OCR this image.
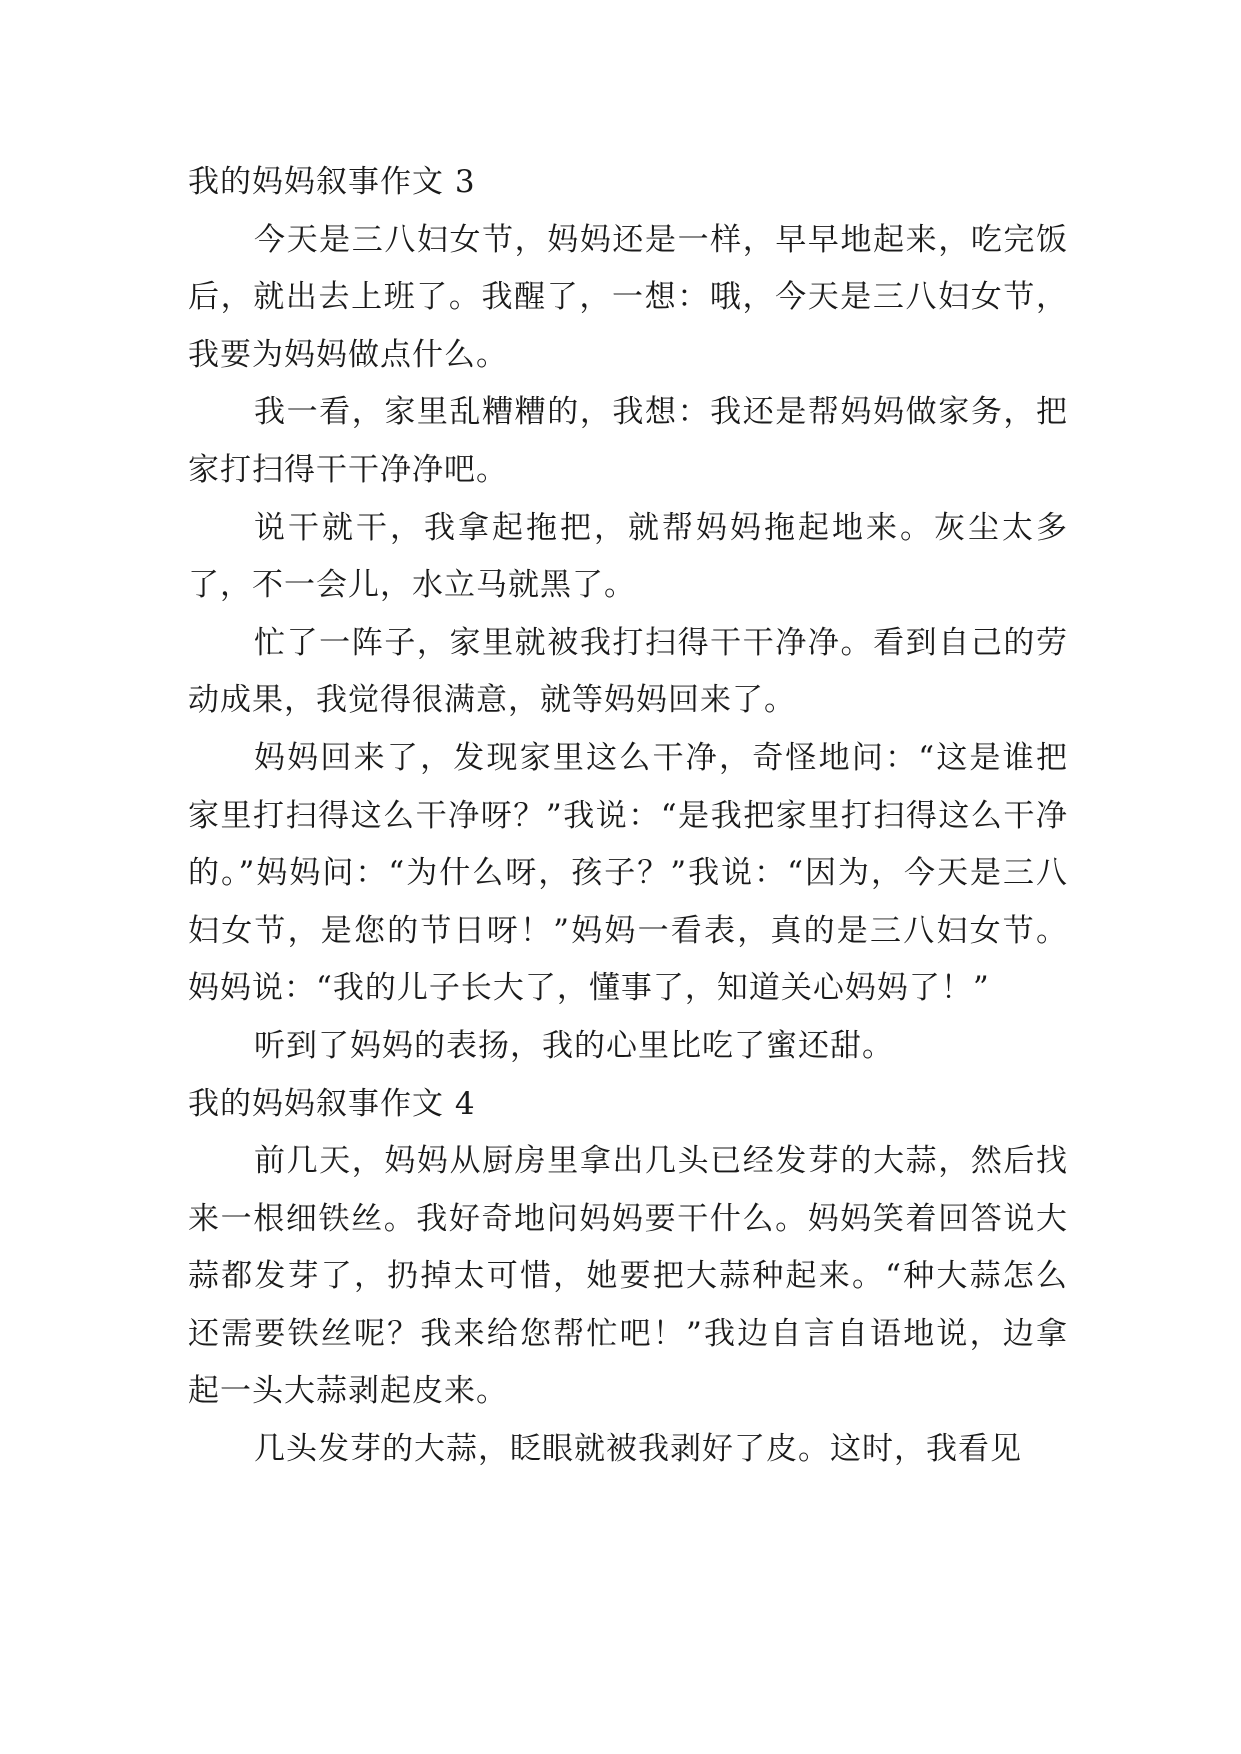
我的妈妈叙事作文 3

今天是三八妇女节，妈妈还是一样，早早地起来，吃完饭后，就出去上班了。我醒了，一想：哦，今天是三八妇女节，我要为妈妈做点什么。

我一看，家里乱糟糟的，我想：我还是帮妈妈做家务，把家打扫得干干净净吧。

说干就干，我拿起拖把，就帮妈妈拖起地来。灰尘太多了，不一会儿，水立马就黑了。

忙了一阵子，家里就被我打扫得干干净净。看到自己的劳动成果，我觉得很满意，就等妈妈回来了。

妈妈回来了，发现家里这么干净，奇怪地问：“这是谁把家里打扫得这么干净呀？”我说：“是我把家里打扫得这么干净的。”妈妈问：“为什么呀，孩子？”我说：“因为，今天是三八妇女节，是您的节日呀！”妈妈一看表，真的是三八妇女节。妈妈说：“我的儿子长大了，懂事了，知道关心妈妈了！”

听到了妈妈的表扬，我的心里比吃了蜜还甜。

我的妈妈叙事作文 4

前几天，妈妈从厨房里拿出几头已经发芽的大蒜，然后找来一根细铁丝。我好奇地问妈妈要干什么。妈妈笑着回答说大蒜都发芽了，扔掉太可惜，她要把大蒜种起来。“种大蒜怎么还需要铁丝呢？我来给您帮忙吧！”我边自言自语地说，边拿起一头大蒜剥起皮来。

几头发芽的大蒜，眨眼就被我剥好了皮。这时，我看见
